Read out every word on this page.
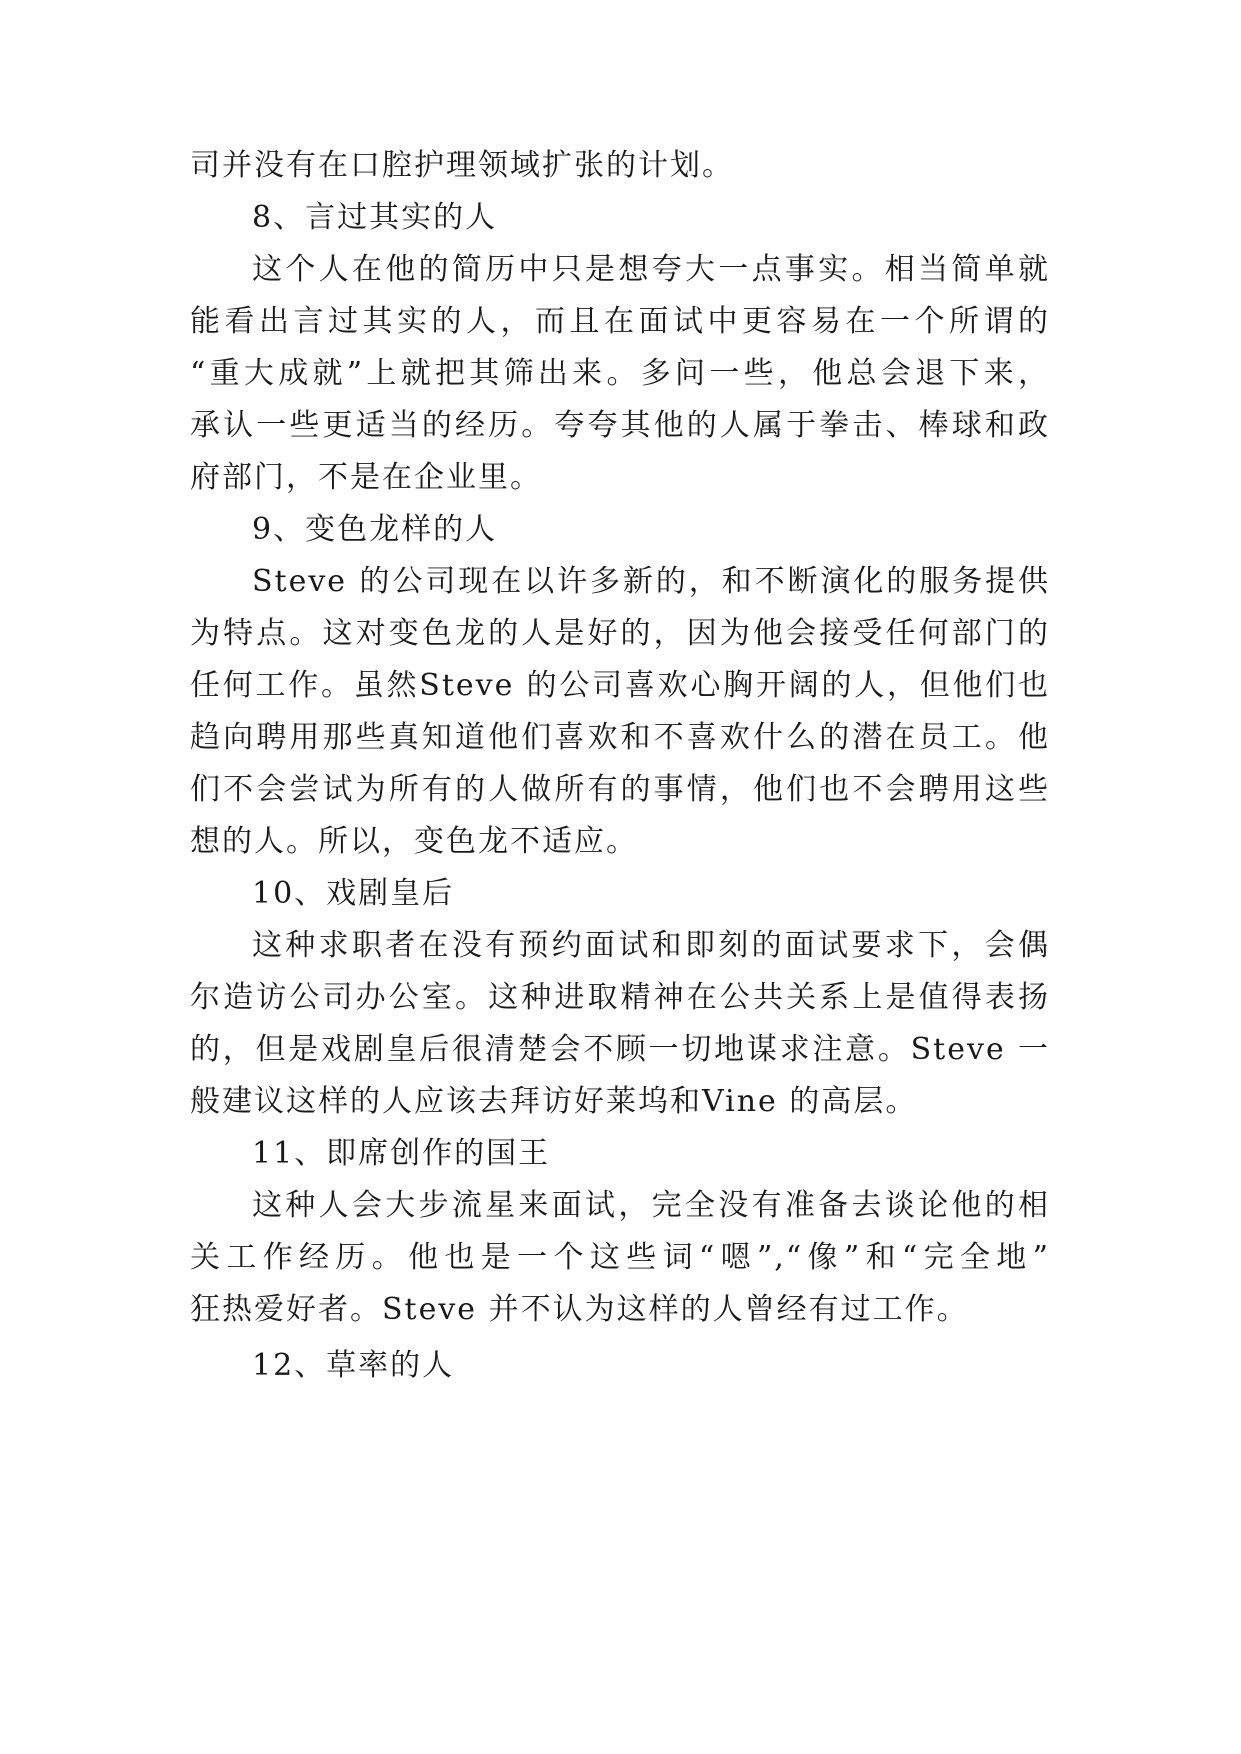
司并没有在口腔护理领域扩张的计划。
8、言过其实的人
这个人在他的简历中只是想夸大一点事实。相当简单就
能看出言过其实的人，而且在面试中更容易在一个所谓的
“重大成就”上就把其筛出来。多问一些，他总会退下来，
承认一些更适当的经历。夸夸其他的人属于拳击、棒球和政
府部门，不是在企业里。
9、变色龙样的人
Steve 的公司现在以许多新的，和不断演化的服务提供
为特点。这对变色龙的人是好的，因为他会接受任何部门的
任何工作。虽然Steve 的公司喜欢心胸开阔的人，但他们也
趋向聘用那些真知道他们喜欢和不喜欢什么的潜在员工。他
们不会尝试为所有的人做所有的事情，他们也不会聘用这些
想的人。所以，变色龙不适应。
10、戏剧皇后
这种求职者在没有预约面试和即刻的面试要求下，会偶
尔造访公司办公室。这种进取精神在公共关系上是值得表扬
的，但是戏剧皇后很清楚会不顾一切地谋求注意。Steve 一
般建议这样的人应该去拜访好莱坞和Vine 的高层。
11、即席创作的国王
这种人会大步流星来面试，完全没有准备去谈论他的相
关工作经历。他也是一个这些词“嗯”,“像”和“完全地”
狂热爱好者。Steve 并不认为这样的人曾经有过工作。
12、草率的人
